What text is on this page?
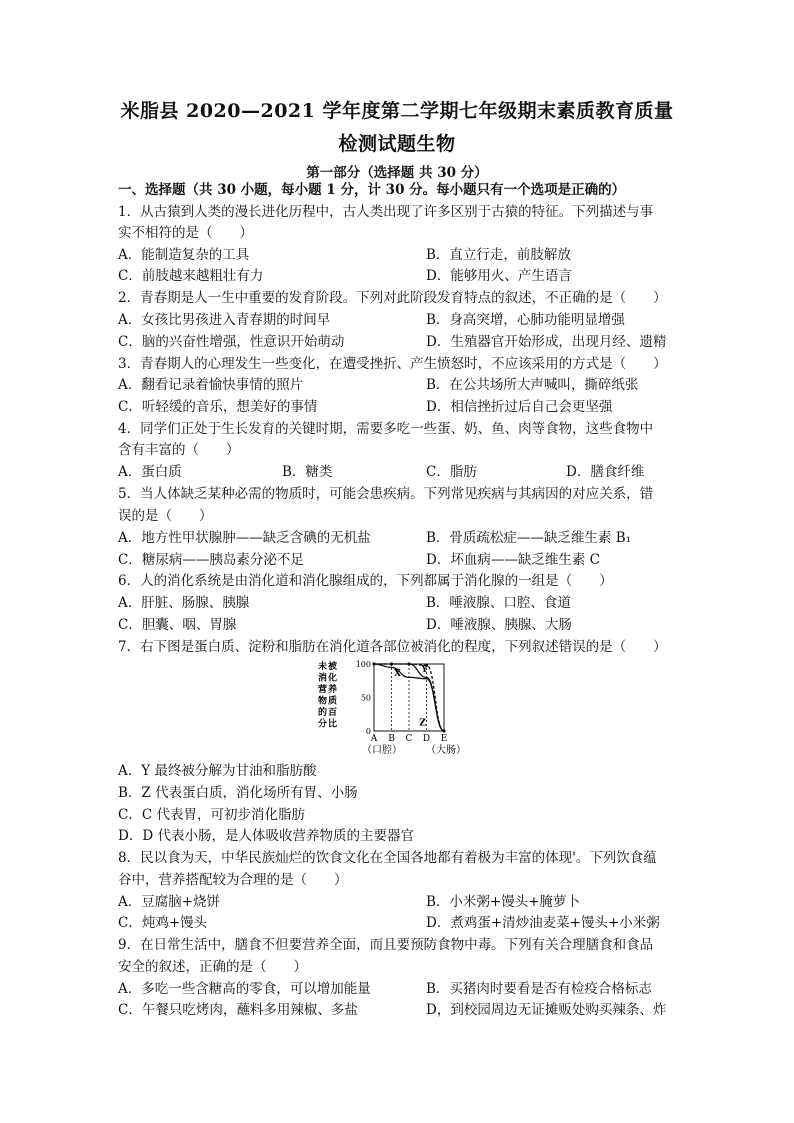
米脂县 2020—2021 学年度第二学期七年级期末素质教育质量
检测试题生物
第一部分（选择题 共 30 分）
一、选择题（共 30 小题，每小题 1 分，计 30 分。每小题只有一个选项是正确的）
1．从古猿到人类的漫长进化历程中，古人类出现了许多区别于古猿的特征。下列描述与事
实不相符的是（　　）
A．能制造复杂的工具	B．直立行走，前肢解放
C．前肢越来越粗壮有力	D．能够用火、产生语言
2．青春期是人一生中重要的发育阶段。下列对此阶段发育特点的叙述，不正确的是（　　）
A．女孩比男孩进入青春期的时间早	B．身高突增，心肺功能明显增强
C．脑的兴奋性增强，性意识开始萌动	D．生殖器官开始形成，出现月经、遗精
3．青春期人的心理发生一些变化，在遭受挫折、产生愤怒时，不应该采用的方式是（　　）
A．翻看记录着愉快事情的照片	B．在公共场所大声喊叫，撕碎纸张
C．听轻缓的音乐，想美好的事情	D．相信挫折过后自己会更坚强
4．同学们正处于生长发育的关键时期，需要多吃一些蛋、奶、鱼、肉等食物，这些食物中
含有丰富的（　　）
A．蛋白质	B．糖类	C．脂肪	D．膳食纤维
5．当人体缺乏某种必需的物质时，可能会患疾病。下列常见疾病与其病因的对应关系，错
误的是（　　）
A．地方性甲状腺肿——缺乏含碘的无机盐	B．骨质疏松症——缺乏维生素 B₁
C．糖尿病——胰岛素分泌不足	D．坏血病——缺乏维生素 C
6．人的消化系统是由消化道和消化腺组成的，下列都属于消化腺的一组是（　　）
A．肝脏、肠腺、胰腺	B．唾液腺、口腔、食道
C．胆囊、咽、胃腺	D．唾液腺、胰腺、大肠
7．右下图是蛋白质、淀粉和脂肪在消化道各部位被消化的程度，下列叙述错误的是（　　）
未 被
消 化
营 养
物 质
的 百
分 比
100
50
0
A B C D E
X Y
Z
（口腔） （大肠）
A．Y 最终被分解为甘油和脂肪酸
B．Z 代表蛋白质，消化场所有胃、小肠
C．C 代表胃，可初步消化脂肪
D．D 代表小肠，是人体吸收营养物质的主要器官
8．民以食为天，中华民族灿烂的饮食文化在全国各地都有着极为丰富的体现'。下列饮食蕴
谷中，营养搭配较为合理的是（　　）
A．豆腐脑+烧饼	B．小米粥+馒头+腌萝卜
C．炖鸡+馒头	D．煮鸡蛋+清炒油麦菜+馒头+小米粥
9．在日常生活中，膳食不但要营养全面，而且要预防食物中毒。下列有关合理膳食和食品
安全的叙述，正确的是（　　）
A．多吃一些含糖高的零食，可以增加能量	B．买猪肉时要看是否有检疫合格标志
C．午餐只吃烤肉，蘸料多用辣椒、多盐	D，到校园周边无证摊贩处购买辣条、炸
